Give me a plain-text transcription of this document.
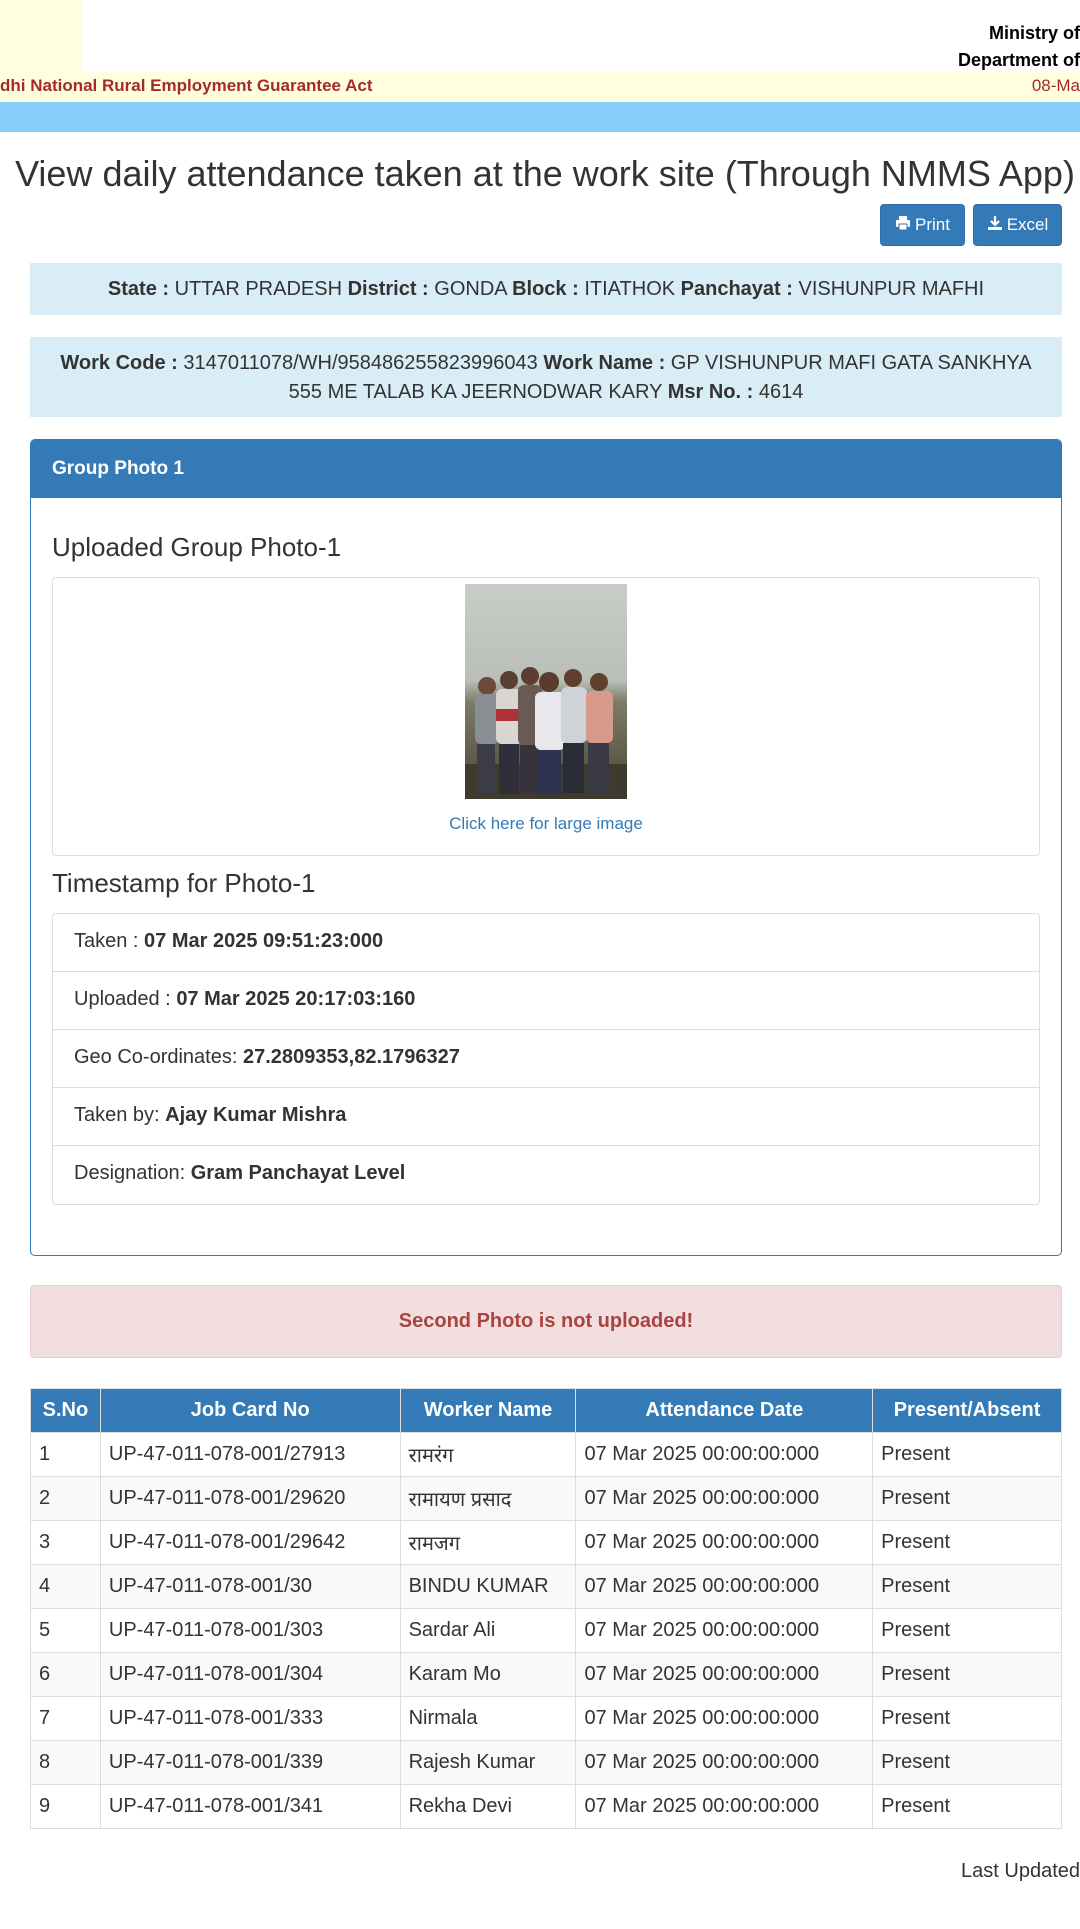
Ministry of
Department of
dhi National Rural Employment Guarantee Act	08-Ma
View daily attendance taken at the work site (Through NMMS App)
Print	Excel
State : UTTAR PRADESH District : GONDA Block : ITIATHOK Panchayat : VISHUNPUR MAFHI
Work Code : 3147011078/WH/958486255823996043 Work Name : GP VISHUNPUR MAFI GATA SANKHYA 555 ME TALAB KA JEERNODWAR KARY Msr No. : 4614
Group Photo 1
Uploaded Group Photo-1
Click here for large image
Timestamp for Photo-1
Taken : 07 Mar 2025 09:51:23:000
Uploaded : 07 Mar 2025 20:17:03:160
Geo Co-ordinates: 27.2809353,82.1796327
Taken by: Ajay Kumar Mishra
Designation: Gram Panchayat Level
Second Photo is not uploaded!
S.No	Job Card No	Worker Name	Attendance Date	Present/Absent
1	UP-47-011-078-001/27913	रामरंग	07 Mar 2025 00:00:00:000	Present
2	UP-47-011-078-001/29620	रामायण प्रसाद	07 Mar 2025 00:00:00:000	Present
3	UP-47-011-078-001/29642	रामजग	07 Mar 2025 00:00:00:000	Present
4	UP-47-011-078-001/30	BINDU KUMAR	07 Mar 2025 00:00:00:000	Present
5	UP-47-011-078-001/303	Sardar Ali	07 Mar 2025 00:00:00:000	Present
6	UP-47-011-078-001/304	Karam Mo	07 Mar 2025 00:00:00:000	Present
7	UP-47-011-078-001/333	Nirmala	07 Mar 2025 00:00:00:000	Present
8	UP-47-011-078-001/339	Rajesh Kumar	07 Mar 2025 00:00:00:000	Present
9	UP-47-011-078-001/341	Rekha Devi	07 Mar 2025 00:00:00:000	Present
Last Updated
